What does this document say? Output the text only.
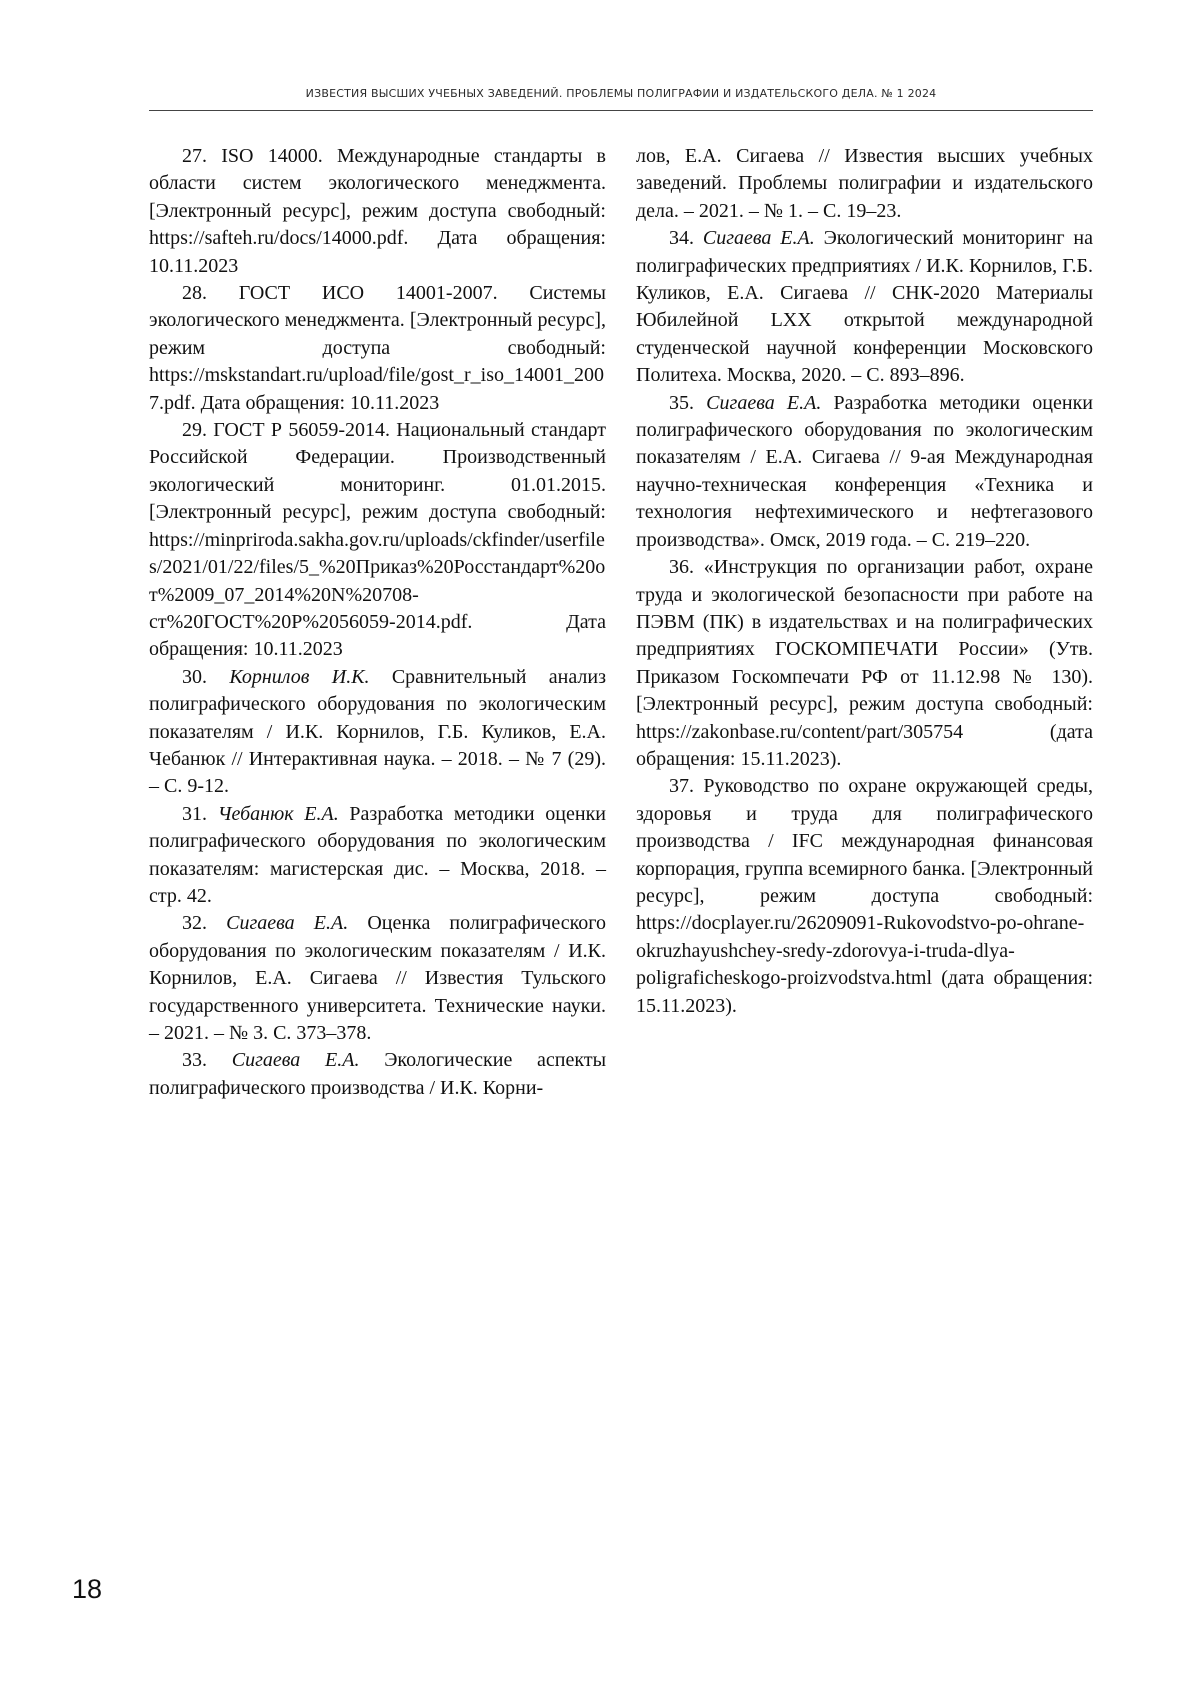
ИЗВЕСТИЯ ВЫСШИХ УЧЕБНЫХ ЗАВЕДЕНИЙ. ПРОБЛЕМЫ ПОЛИГРАФИИ И ИЗДАТЕЛЬСКОГО ДЕЛА. № 1 2024

27. ISO 14000. Международные стандарты в области систем экологического менеджмента. [Электронный ресурс], режим доступа свободный: https://safteh.ru/docs/14000.pdf. Дата обращения: 10.11.2023

28. ГОСТ ИСО 14001-2007. Системы экологического менеджмента. [Электронный ресурс], режим доступа свободный: https://mskstandart.ru/upload/file/gost_r_iso_14001_2007.pdf. Дата обращения: 10.11.2023

29. ГОСТ Р 56059-2014. Национальный стандарт Российской Федерации. Производственный экологический мониторинг. 01.01.2015. [Электронный ресурс], режим доступа свободный: https://minpriroda.sakha.gov.ru/uploads/ckfinder/userfiles/2021/01/22/files/5_%20Приказ%20Росстандарт%20от%2009_07_2014%20N%20708-ст%20ГОСТ%20Р%2056059-2014.pdf. Дата обращения: 10.11.2023

30. Корнилов И.К. Сравнительный анализ полиграфического оборудования по экологическим показателям / И.К. Корнилов, Г.Б. Куликов, Е.А. Чебанюк // Интерактивная наука. – 2018. – № 7 (29). – С. 9-12.

31. Чебанюк Е.А. Разработка методики оценки полиграфического оборудования по экологическим показателям: магистерская дис. – Москва, 2018. – стр. 42.

32. Сигаева Е.А. Оценка полиграфического оборудования по экологическим показателям / И.К. Корнилов, Е.А. Сигаева // Известия Тульского государственного университета. Технические науки. – 2021. – № 3. С. 373–378.

33. Сигаева Е.А. Экологические аспекты полиграфического производства / И.К. Корни-

лов, Е.А. Сигаева // Известия высших учебных заведений. Проблемы полиграфии и издательского дела. – 2021. – № 1. – С. 19–23.

34. Сигаева Е.А. Экологический мониторинг на полиграфических предприятиях / И.К. Корнилов, Г.Б. Куликов, Е.А. Сигаева // СНК-2020 Материалы Юбилейной LXX открытой международной студенческой научной конференции Московского Политеха. Москва, 2020. – С. 893–896.

35. Сигаева Е.А. Разработка методики оценки полиграфического оборудования по экологическим показателям / Е.А. Сигаева // 9-ая Международная научно-техническая конференция «Техника и технология нефтехимического и нефтегазового производства». Омск, 2019 года. – С. 219–220.

36. «Инструкция по организации работ, охране труда и экологической безопасности при работе на ПЭВМ (ПК) в издательствах и на полиграфических предприятиях ГОСКОМПЕЧАТИ России» (Утв. Приказом Госкомпечати РФ от 11.12.98 № 130). [Электронный ресурс], режим доступа свободный: https://zakonbase.ru/content/part/305754 (дата обращения: 15.11.2023).

37. Руководство по охране окружающей среды, здоровья и труда для полиграфического производства / IFC международная финансовая корпорация, группа всемирного банка. [Электронный ресурс], режим доступа свободный: https://docplayer.ru/26209091-Rukovodstvo-po-ohrane-okruzhayushchey-sredy-zdorovya-i-truda-dlya-poligraficheskogo-proizvodstva.html (дата обращения: 15.11.2023).

18
